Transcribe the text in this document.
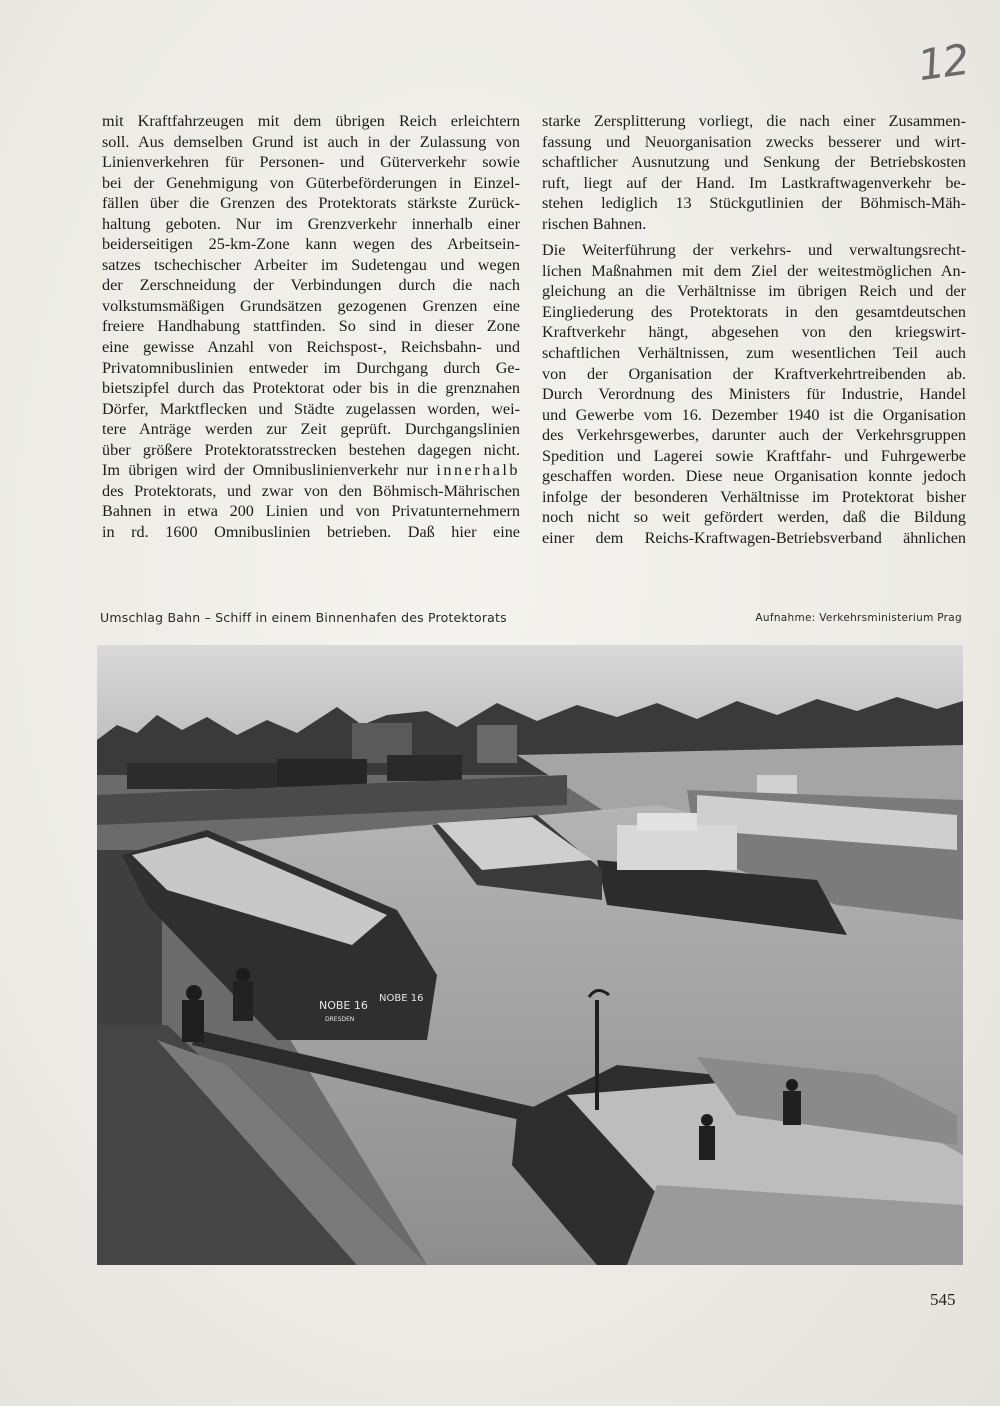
12

mit Kraftfahrzeugen mit dem übrigen Reich erleichtern

soll. Aus demselben Grund ist auch in der Zulassung von

Linienverkehren für Personen- und Güterverkehr sowie

bei der Genehmigung von Güterbeförderungen in Einzel-

fällen über die Grenzen des Protektorats stärkste Zurück-

haltung geboten. Nur im Grenzverkehr innerhalb einer

beiderseitigen 25-km-Zone kann wegen des Arbeitsein-

satzes tschechischer Arbeiter im Sudetengau und wegen

der Zerschneidung der Verbindungen durch die nach

volkstumsmäßigen Grundsätzen gezogenen Grenzen eine

freiere Handhabung stattfinden. So sind in dieser Zone

eine gewisse Anzahl von Reichspost-, Reichsbahn- und

Privatomnibuslinien entweder im Durchgang durch Ge-

bietszipfel durch das Protektorat oder bis in die grenznahen

Dörfer, Marktflecken und Städte zugelassen worden, wei-

tere Anträge werden zur Zeit geprüft. Durchgangslinien

über größere Protektoratsstrecken bestehen dagegen nicht.

Im übrigen wird der Omnibuslinienverkehr nur innerhalb

des Protektorats, und zwar von den Böhmisch-Mährischen

Bahnen in etwa 200 Linien und von Privatunternehmern

in rd. 1600 Omnibuslinien betrieben. Daß hier eine

starke Zersplitterung vorliegt, die nach einer Zusammen-

fassung und Neuorganisation zwecks besserer und wirt-

schaftlicher Ausnutzung und Senkung der Betriebskosten

ruft, liegt auf der Hand. Im Lastkraftwagenverkehr be-

stehen lediglich 13 Stückgutlinien der Böhmisch-Mäh-

rischen Bahnen.

Die Weiterführung der verkehrs- und verwaltungsrecht-

lichen Maßnahmen mit dem Ziel der weitestmöglichen An-

gleichung an die Verhältnisse im übrigen Reich und der

Eingliederung des Protektorats in den gesamtdeutschen

Kraftverkehr hängt, abgesehen von den kriegswirt-

schaftlichen Verhältnissen, zum wesentlichen Teil auch

von der Organisation der Kraftverkehrtreibenden ab.

Durch Verordnung des Ministers für Industrie, Handel

und Gewerbe vom 16. Dezember 1940 ist die Organisation

des Verkehrsgewerbes, darunter auch der Verkehrsgruppen

Spedition und Lagerei sowie Kraftfahr- und Fuhrgewerbe

geschaffen worden. Diese neue Organisation konnte jedoch

infolge der besonderen Verhältnisse im Protektorat bisher

noch nicht so weit gefördert werden, daß die Bildung

einer dem Reichs-Kraftwagen-Betriebsverband ähnlichen

Umschlag Bahn – Schiff in einem Binnenhafen des Protektorats	Aufnahme: Verkehrsministerium Prag
NOBE 16
NOBE 16
DRESDEN
545
